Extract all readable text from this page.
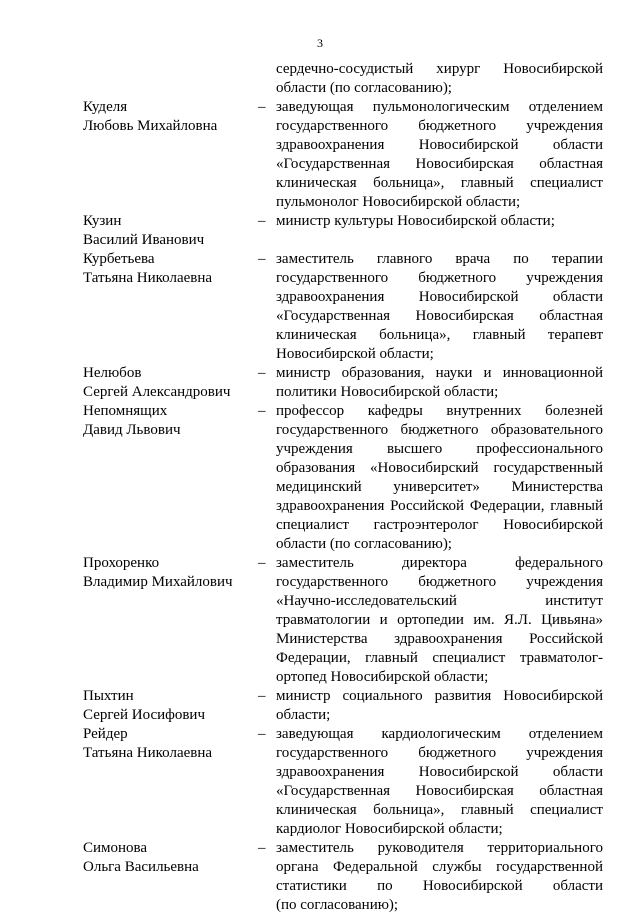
3
сердечно-сосудистый хирург Новосибирской
области (по согласованию);
Куделя
Любовь Михайловна
– заведующая пульмонологическим отделением
государственного бюджетного учреждения
здравоохранения Новосибирской области
«Государственная Новосибирская областная
клиническая больница», главный специалист
пульмонолог Новосибирской области;
Кузин
Василий Иванович
– министр культуры Новосибирской области;
Курбетьева
Татьяна Николаевна
– заместитель главного врача по терапии
государственного бюджетного учреждения
здравоохранения Новосибирской области
«Государственная Новосибирская областная
клиническая больница», главный терапевт
Новосибирской области;
Нелюбов
Сергей Александрович
– министр образования, науки и инновационной
политики Новосибирской области;
Непомнящих
Давид Львович
– профессор кафедры внутренних болезней
государственного бюджетного образовательного
учреждения высшего профессионального
образования «Новосибирский государственный
медицинский университет» Министерства
здравоохранения Российской Федерации, главный
специалист гастроэнтеролог Новосибирской
области (по согласованию);
Прохоренко
Владимир Михайлович
– заместитель директора федерального
государственного бюджетного учреждения
«Научно-исследовательский институт
травматологии и ортопедии им. Я.Л. Цивьяна»
Министерства здравоохранения Российской
Федерации, главный специалист травматолог-
ортопед Новосибирской области;
Пыхтин
Сергей Иосифович
– министр социального развития Новосибирской
области;
Рейдер
Татьяна Николаевна
– заведующая кардиологическим отделением
государственного бюджетного учреждения
здравоохранения Новосибирской области
«Государственная Новосибирская областная
клиническая больница», главный специалист
кардиолог Новосибирской области;
Симонова
Ольга Васильевна
– заместитель руководителя территориального
органа Федеральной службы государственной
статистики по Новосибирской области
(по согласованию);
